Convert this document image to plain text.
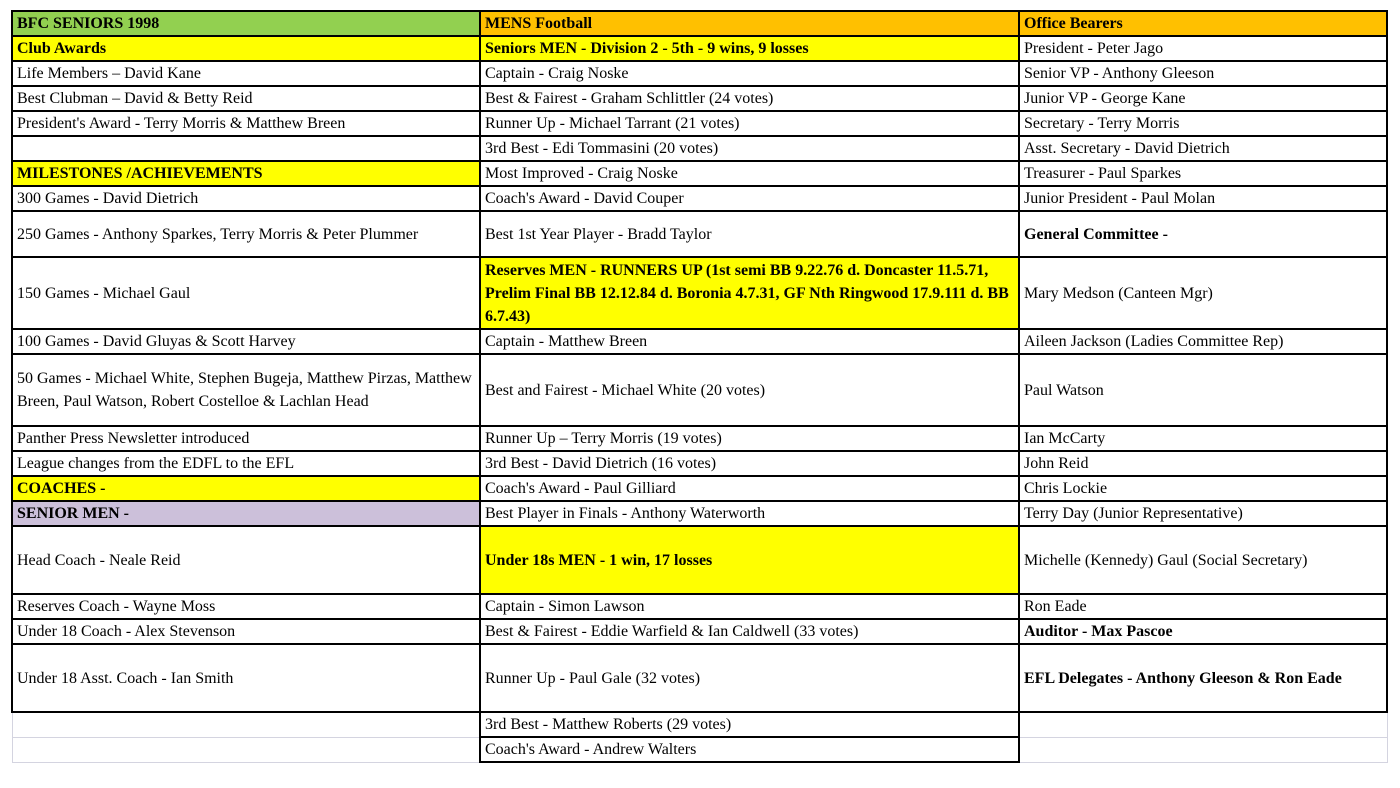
BFC SENIORS 1998	MENS Football	Office Bearers
Club Awards	Seniors MEN - Division 2 - 5th - 9 wins, 9 losses	President - Peter Jago
Life Members – David Kane	Captain - Craig Noske	Senior VP - Anthony Gleeson
Best Clubman – David & Betty Reid	Best & Fairest - Graham Schlittler (24 votes)	Junior VP - George Kane
President's Award - Terry Morris & Matthew Breen	Runner Up - Michael Tarrant (21 votes)	Secretary - Terry Morris
	3rd Best - Edi Tommasini (20 votes)	Asst. Secretary - David Dietrich
MILESTONES /ACHIEVEMENTS	Most Improved - Craig Noske	Treasurer - Paul Sparkes
300 Games - David Dietrich	Coach's Award - David Couper	Junior President - Paul Molan
250 Games - Anthony Sparkes, Terry Morris & Peter Plummer	Best 1st Year Player - Bradd Taylor	General Committee -
150 Games - Michael Gaul	Reserves MEN - RUNNERS UP (1st semi BB 9.22.76 d. Doncaster 11.5.71, Prelim Final BB 12.12.84 d. Boronia 4.7.31, GF Nth Ringwood 17.9.111 d. BB 6.7.43)	Mary Medson (Canteen Mgr)
100 Games - David Gluyas & Scott Harvey	Captain - Matthew Breen	Aileen Jackson (Ladies Committee Rep)
50 Games - Michael White, Stephen Bugeja, Matthew Pirzas, Matthew Breen, Paul Watson, Robert Costelloe & Lachlan Head	Best and Fairest - Michael White (20 votes)	Paul Watson
Panther Press Newsletter introduced	Runner Up – Terry Morris (19 votes)	Ian McCarty
League changes from the EDFL to the EFL	3rd Best - David Dietrich (16 votes)	John Reid
COACHES -	Coach's Award - Paul Gilliard	Chris Lockie
SENIOR MEN -	Best Player in Finals - Anthony Waterworth	Terry Day (Junior Representative)
Head Coach - Neale Reid	Under 18s MEN - 1 win, 17 losses	Michelle (Kennedy) Gaul (Social Secretary)
Reserves Coach - Wayne Moss	Captain - Simon Lawson	Ron Eade
Under 18 Coach - Alex Stevenson	Best & Fairest - Eddie Warfield & Ian Caldwell (33 votes)	Auditor - Max Pascoe
Under 18 Asst. Coach - Ian Smith	Runner Up - Paul Gale (32 votes)	EFL Delegates - Anthony Gleeson & Ron Eade
	3rd Best - Matthew Roberts (29 votes)	
	Coach's Award - Andrew Walters	
